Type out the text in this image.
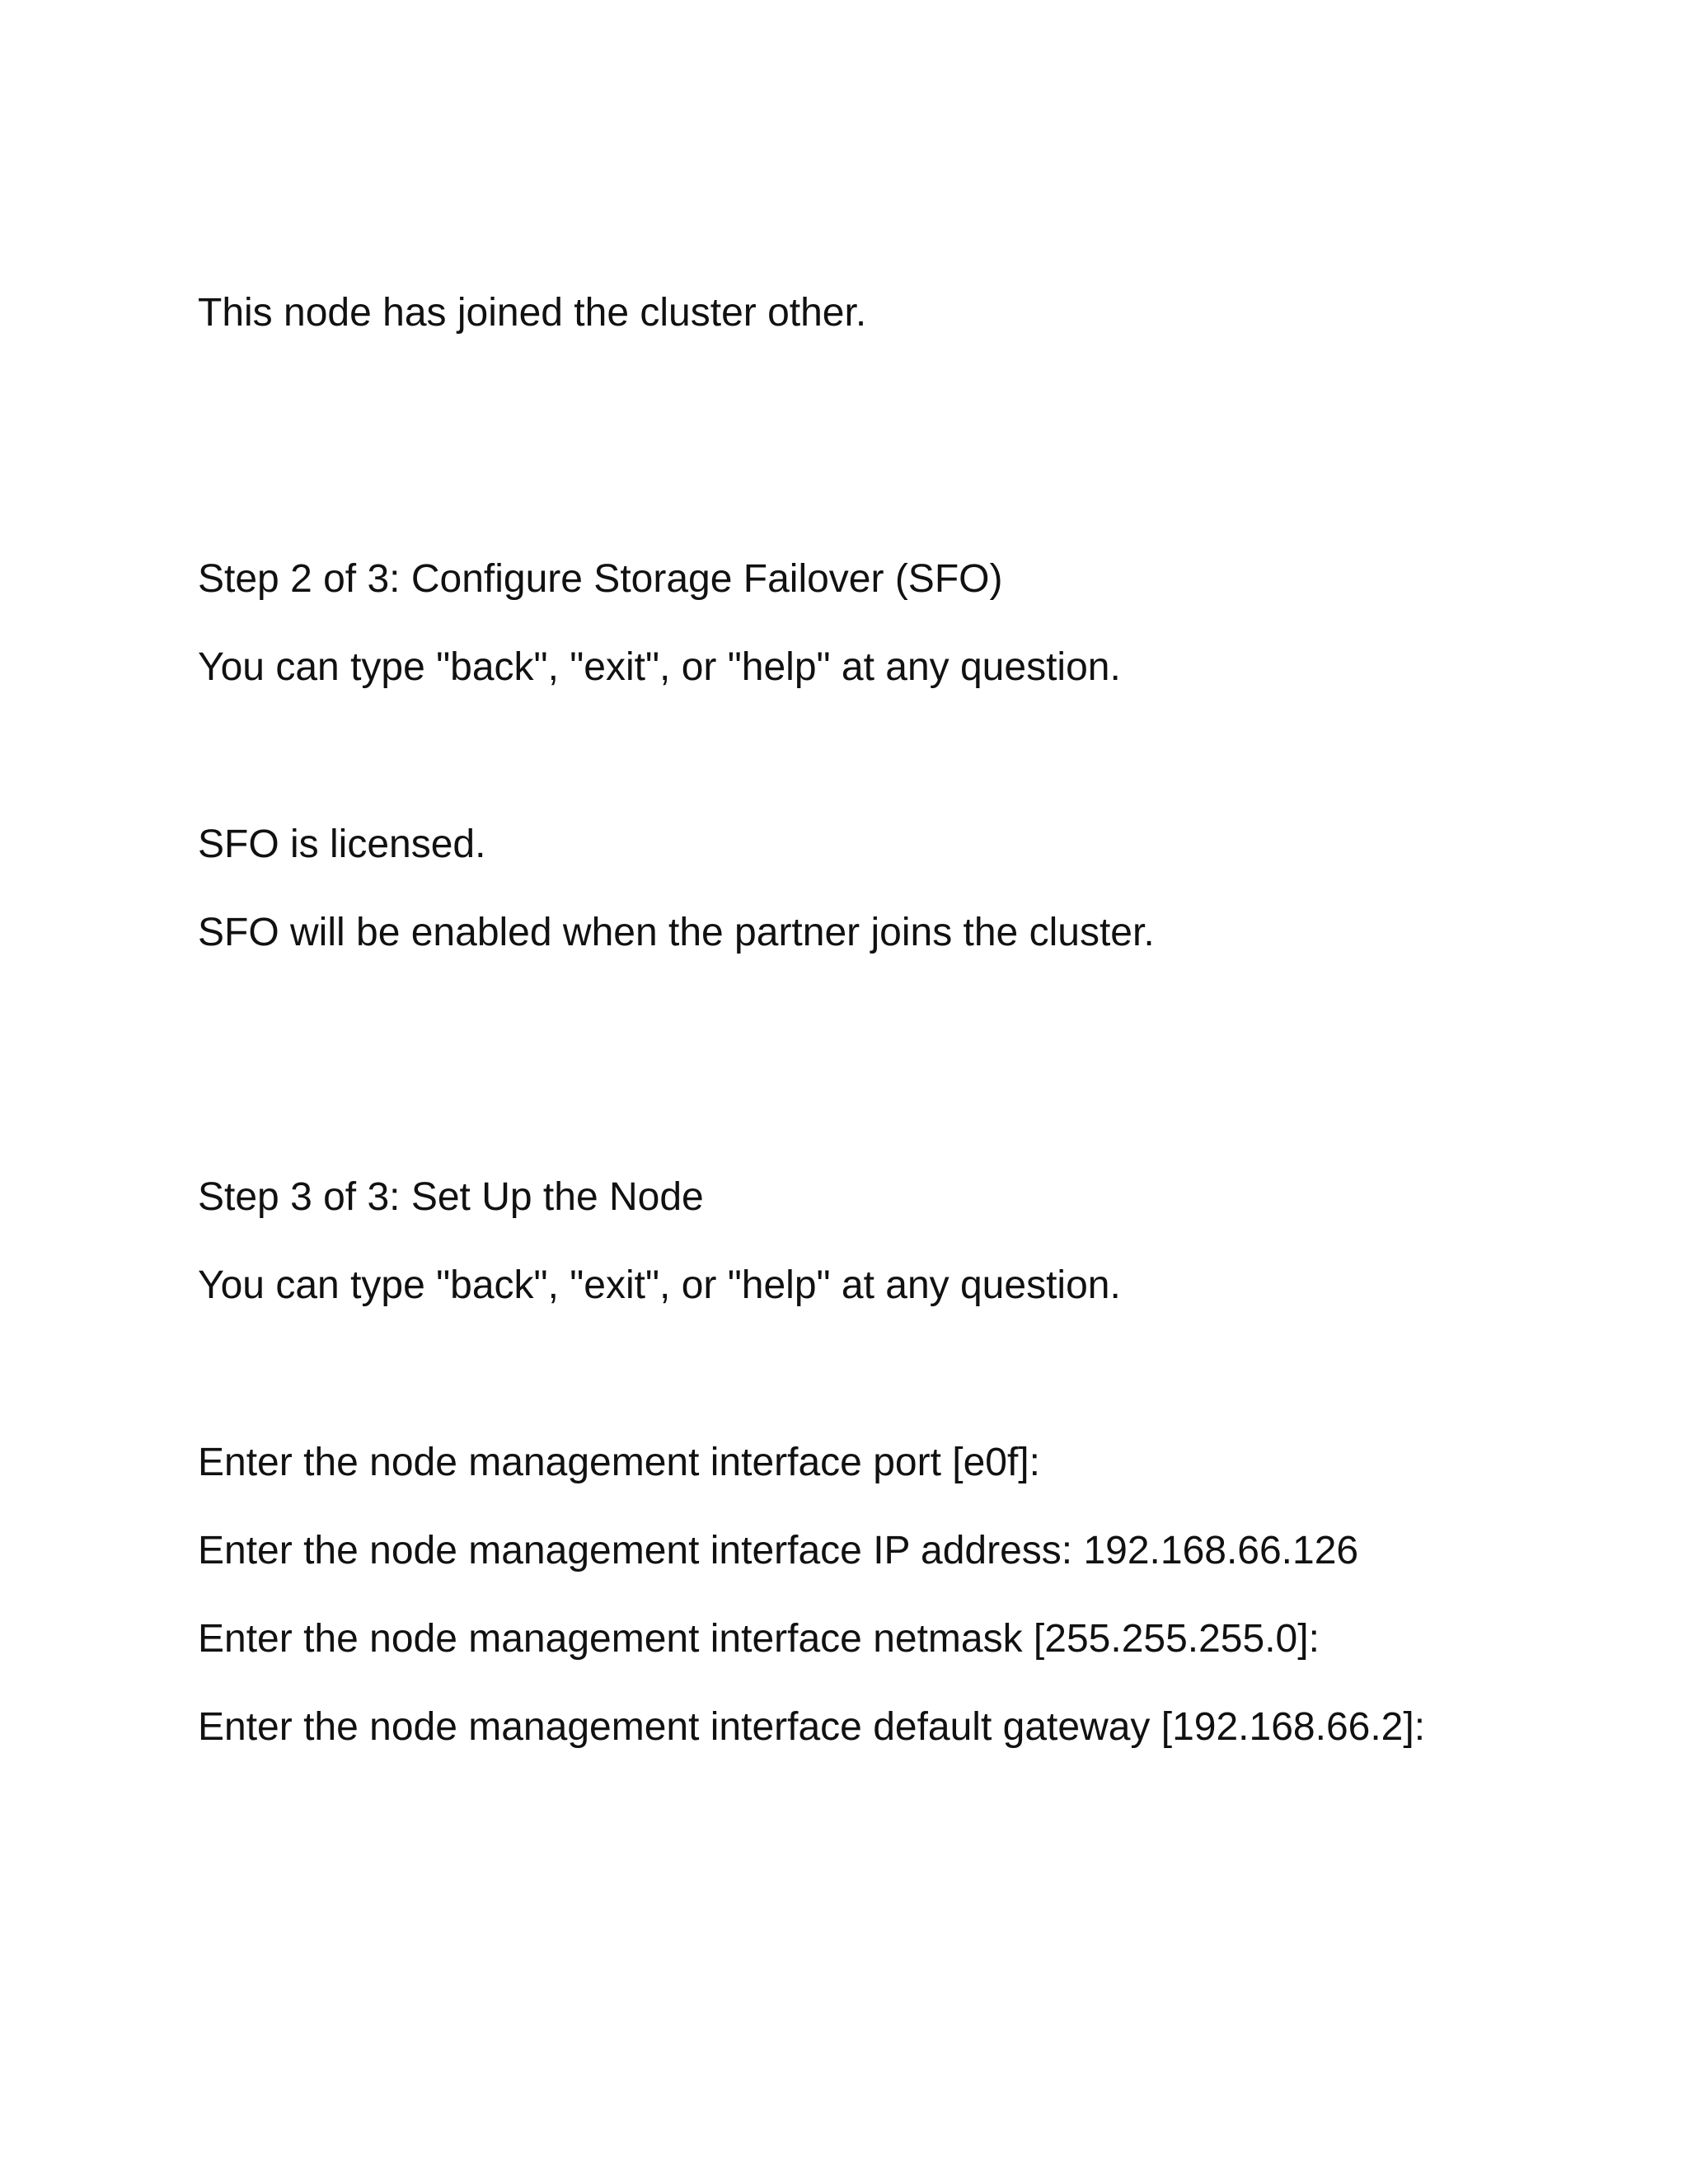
This node has joined the cluster other.

Step 2 of 3: Configure Storage Failover (SFO)

You can type "back", "exit", or "help" at any question.

SFO is licensed.

SFO will be enabled when the partner joins the cluster.

Step 3 of 3: Set Up the Node

You can type "back", "exit", or "help" at any question.

Enter the node management interface port [e0f]:

Enter the node management interface IP address: 192.168.66.126

Enter the node management interface netmask [255.255.255.0]:

Enter the node management interface default gateway [192.168.66.2]:
